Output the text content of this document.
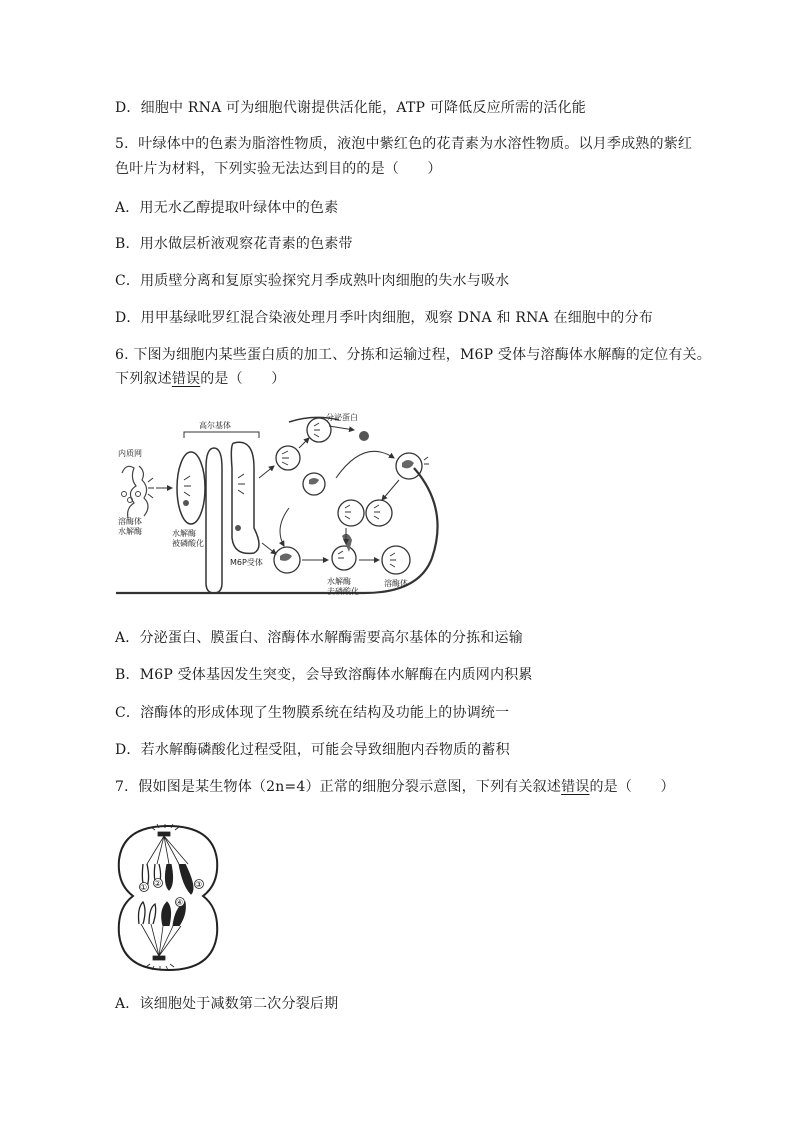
D．细胞中 RNA 可为细胞代谢提供活化能，ATP 可降低反应所需的活化能
5．叶绿体中的色素为脂溶性物质，液泡中紫红色的花青素为水溶性物质。以月季成熟的紫红
色叶片为材料，下列实验无法达到目的的是（　　）
A．用无水乙醇提取叶绿体中的色素
B．用水做层析液观察花青素的色素带
C．用质壁分离和复原实验探究月季成熟叶肉细胞的失水与吸水
D．用甲基绿吡罗红混合染液处理月季叶肉细胞，观察 DNA 和 RNA 在细胞中的分布
6. 下图为细胞内某些蛋白质的加工、分拣和运输过程，M6P 受体与溶酶体水解酶的定位有关。
下列叙述错误的是（　　）
高尔基体
内质网
溶酶体
水解酶	水解酶
被磷酸化
M6P受体
分泌蛋白
水解酶
去磷酸化
溶酶体
A．分泌蛋白、膜蛋白、溶酶体水解酶需要高尔基体的分拣和运输
B．M6P 受体基因发生突变，会导致溶酶体水解酶在内质网内积累
C．溶酶体的形成体现了生物膜系统在结构及功能上的协调统一
D．若水解酶磷酸化过程受阻，可能会导致细胞内吞物质的蓄积
7．假如图是某生物体（2n=4）正常的细胞分裂示意图，下列有关叙述错误的是（　　）
① ②	③
④
A．该细胞处于减数第二次分裂后期
